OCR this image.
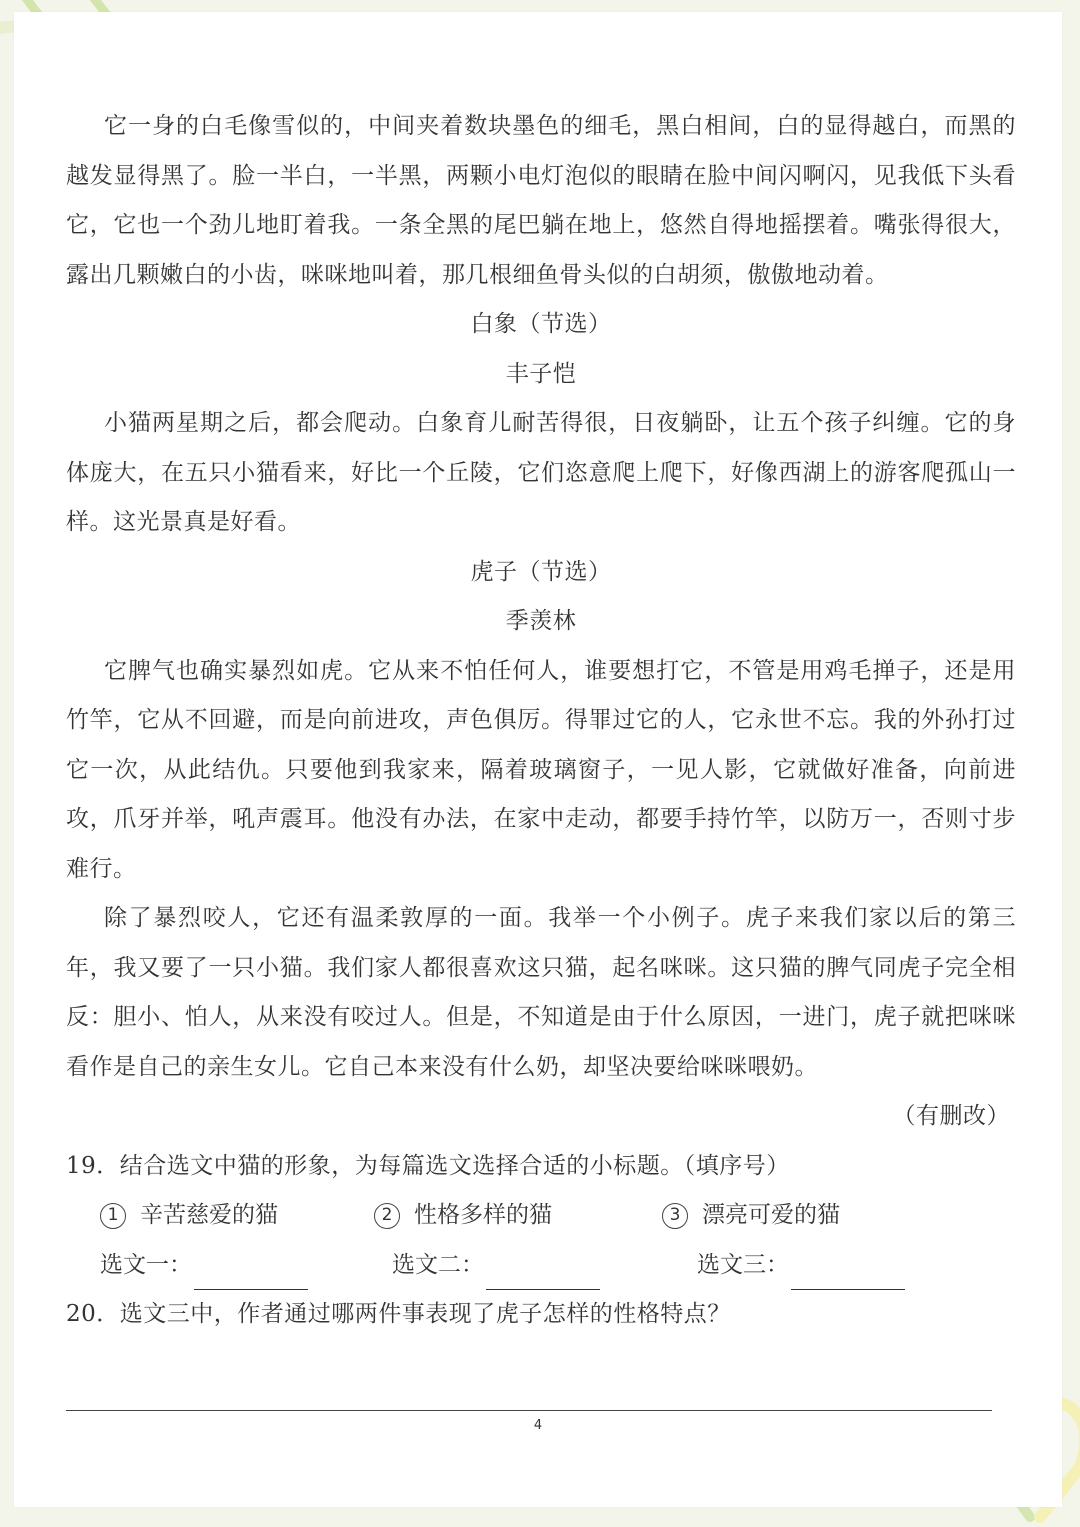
它一身的白毛像雪似的，中间夹着数块墨色的细毛，黑白相间，白的显得越白，而黑的越发显得黑了。脸一半白，一半黑，两颗小电灯泡似的眼睛在脸中间闪啊闪，见我低下头看它，它也一个劲儿地盯着我。一条全黑的尾巴躺在地上，悠然自得地摇摆着。嘴张得很大，露出几颗嫩白的小齿，咪咪地叫着，那几根细鱼骨头似的白胡须，傲傲地动着。

白象（节选）

丰子恺

小猫两星期之后，都会爬动。白象育儿耐苦得很，日夜躺卧，让五个孩子纠缠。它的身体庞大，在五只小猫看来，好比一个丘陵，它们恣意爬上爬下，好像西湖上的游客爬孤山一样。这光景真是好看。

虎子（节选）

季羡林

它脾气也确实暴烈如虎。它从来不怕任何人，谁要想打它，不管是用鸡毛掸子，还是用竹竿，它从不回避，而是向前进攻，声色俱厉。得罪过它的人，它永世不忘。我的外孙打过它一次，从此结仇。只要他到我家来，隔着玻璃窗子，一见人影，它就做好准备，向前进攻，爪牙并举，吼声震耳。他没有办法，在家中走动，都要手持竹竿，以防万一，否则寸步难行。

除了暴烈咬人，它还有温柔敦厚的一面。我举一个小例子。虎子来我们家以后的第三年，我又要了一只小猫。我们家人都很喜欢这只猫，起名咪咪。这只猫的脾气同虎子完全相反：胆小、怕人，从来没有咬过人。但是，不知道是由于什么原因，一进门，虎子就把咪咪看作是自己的亲生女儿。它自己本来没有什么奶，却坚决要给咪咪喂奶。

（有删改）

19．结合选文中猫的形象，为每篇选文选择合适的小标题。（填序号）

1 辛苦慈爱的猫	2 性格多样的猫	3 漂亮可爱的猫
选文一：	选文二：	选文三：

20．选文三中，作者通过哪两件事表现了虎子怎样的性格特点？

4
